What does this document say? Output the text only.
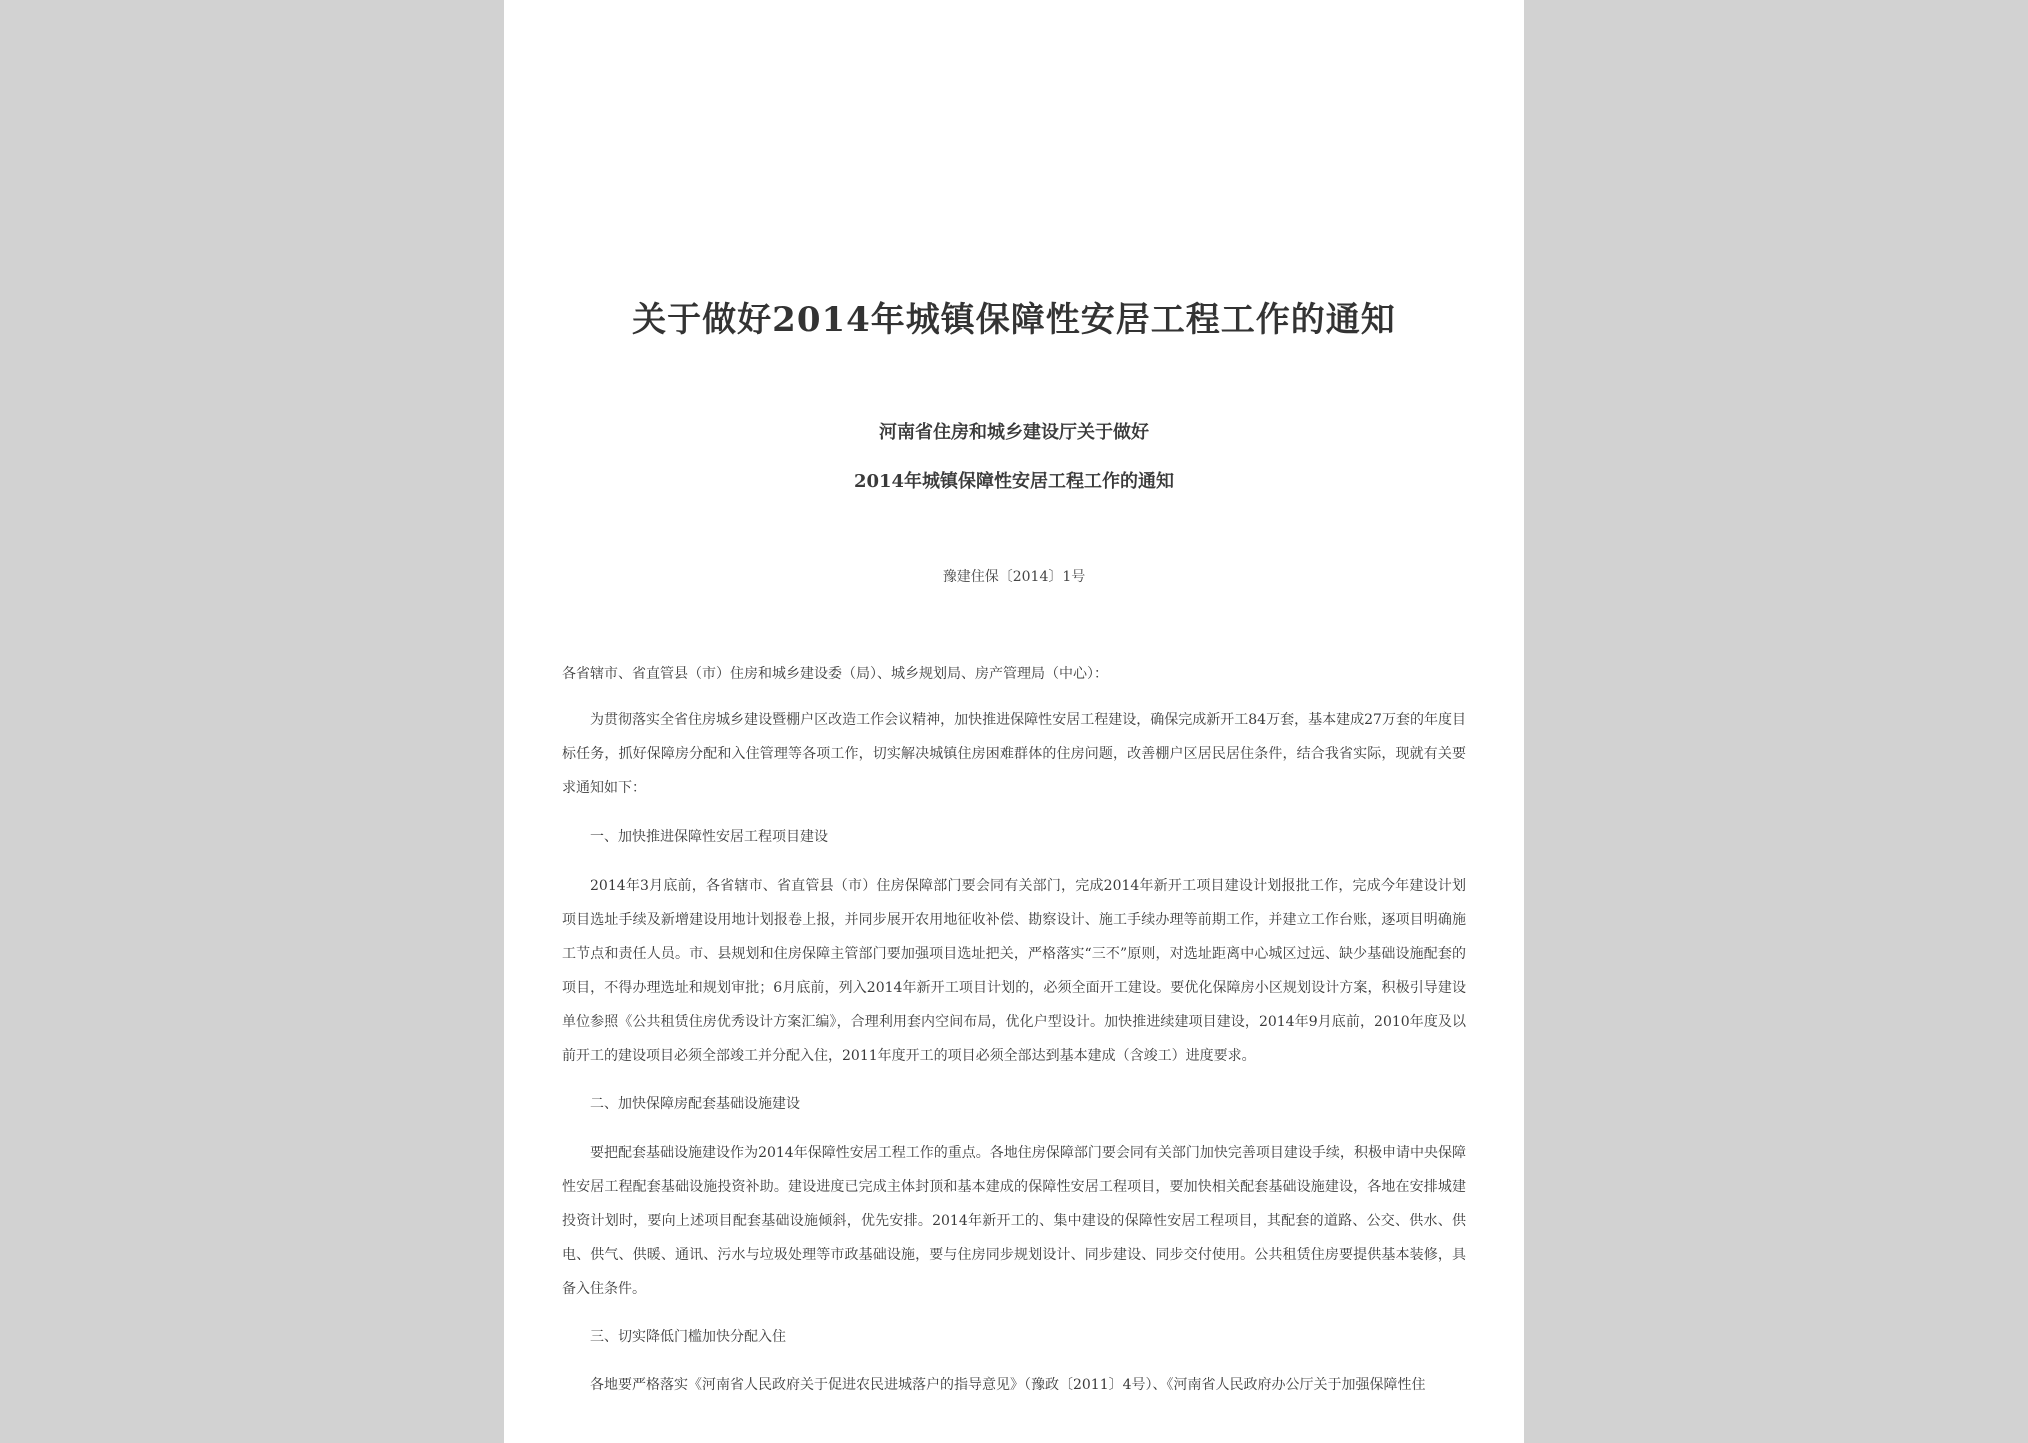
关于做好2014年城镇保障性安居工程工作的通知
河南省住房和城乡建设厅关于做好
2014年城镇保障性安居工程工作的通知
豫建住保〔2014〕1号

各省辖市、省直管县（市）住房和城乡建设委（局）、城乡规划局、房产管理局（中心）：

为贯彻落实全省住房城乡建设暨棚户区改造工作会议精神，加快推进保障性安居工程建设，确保完成新开工84万套，基本建成27万套的年度目标任务，抓好保障房分配和入住管理等各项工作，切实解决城镇住房困难群体的住房问题，改善棚户区居民居住条件，结合我省实际，现就有关要求通知如下：

一、加快推进保障性安居工程项目建设

2014年3月底前，各省辖市、省直管县（市）住房保障部门要会同有关部门，完成2014年新开工项目建设计划报批工作，完成今年建设计划项目选址手续及新增建设用地计划报卷上报，并同步展开农用地征收补偿、勘察设计、施工手续办理等前期工作，并建立工作台账，逐项目明确施工节点和责任人员。市、县规划和住房保障主管部门要加强项目选址把关，严格落实“三不”原则，对选址距离中心城区过远、缺少基础设施配套的项目，不得办理选址和规划审批；6月底前，列入2014年新开工项目计划的，必须全面开工建设。要优化保障房小区规划设计方案，积极引导建设单位参照《公共租赁住房优秀设计方案汇编》，合理利用套内空间布局，优化户型设计。加快推进续建项目建设，2014年9月底前，2010年度及以前开工的建设项目必须全部竣工并分配入住，2011年度开工的项目必须全部达到基本建成（含竣工）进度要求。

二、加快保障房配套基础设施建设

要把配套基础设施建设作为2014年保障性安居工程工作的重点。各地住房保障部门要会同有关部门加快完善项目建设手续，积极申请中央保障性安居工程配套基础设施投资补助。建设进度已完成主体封顶和基本建成的保障性安居工程项目，要加快相关配套基础设施建设，各地在安排城建投资计划时，要向上述项目配套基础设施倾斜，优先安排。2014年新开工的、集中建设的保障性安居工程项目，其配套的道路、公交、供水、供电、供气、供暖、通讯、污水与垃圾处理等市政基础设施，要与住房同步规划设计、同步建设、同步交付使用。公共租赁住房要提供基本装修，具备入住条件。

三、切实降低门槛加快分配入住

各地要严格落实《河南省人民政府关于促进农民进城落户的指导意见》（豫政〔2011〕4号）、《河南省人民政府办公厅关于加强保障性住
